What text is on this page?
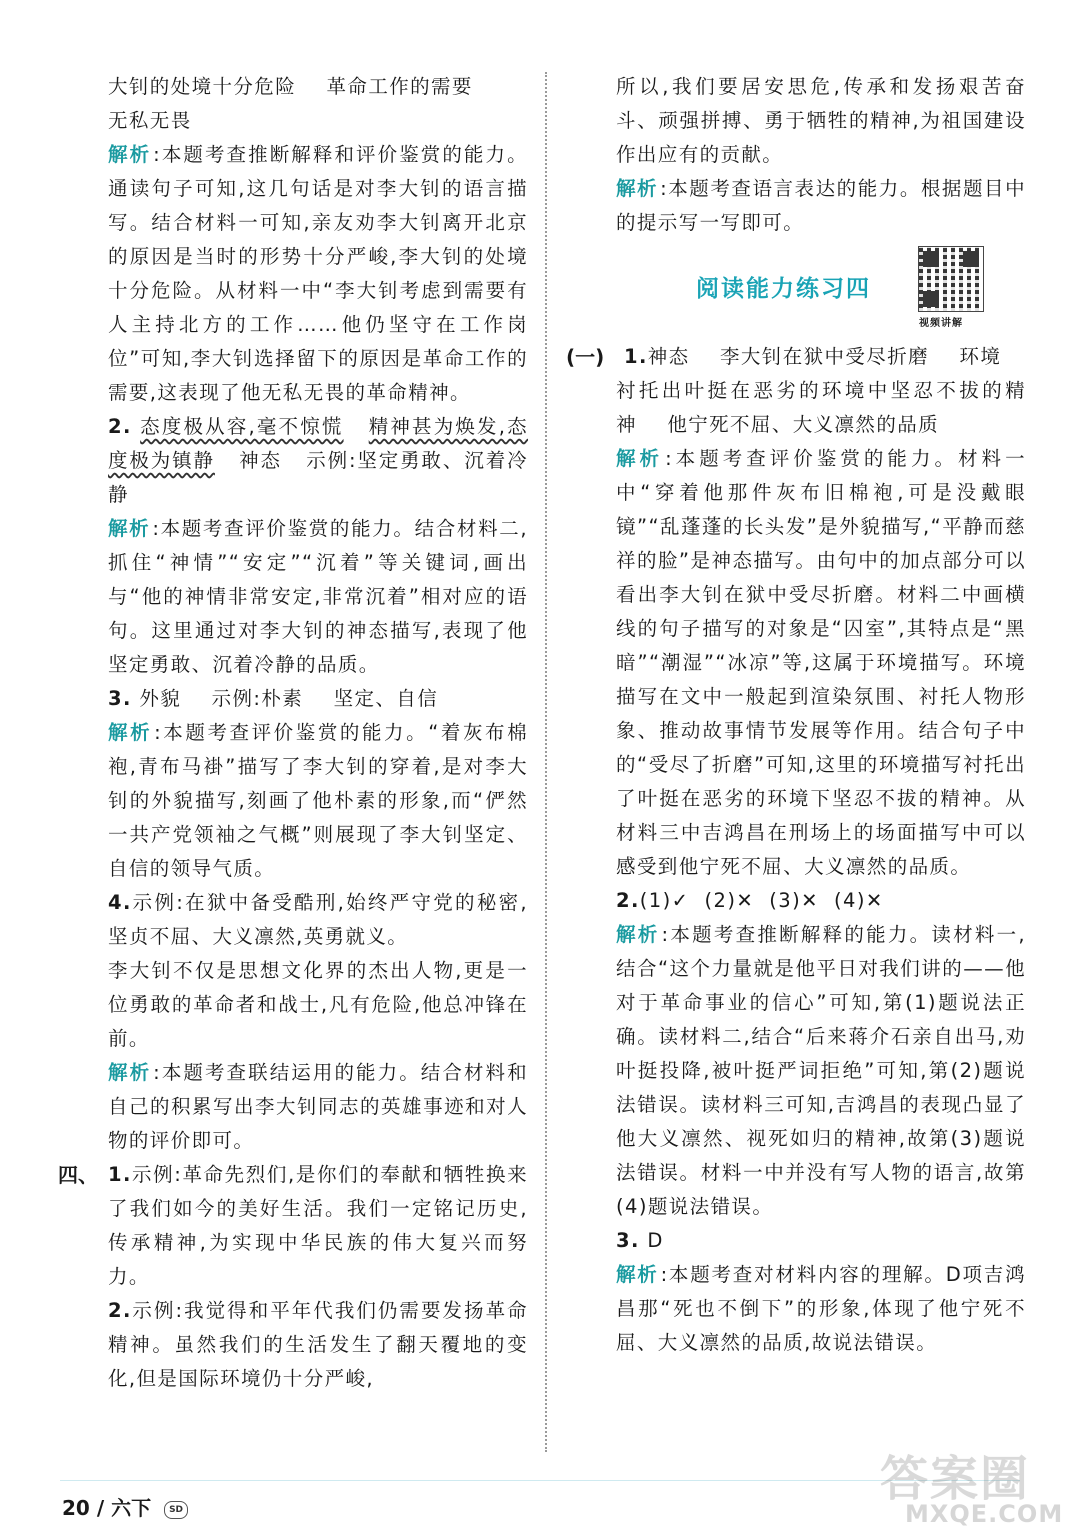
大钊的处境十分危险 革命工作的需要

无私无畏

解析 :本题考查推断解释和评价鉴赏的能力。通读句子可知,这几句话是对李大钊的语言描写。结合材料一可知,亲友劝李大钊离开北京的原因是当时的形势十分严峻,李大钊的处境十分危险。从材料一中“李大钊考虑到需要有人主持北方的工作……他仍坚守在工作岗位”可知,李大钊选择留下的原因是革命工作的需要,这表现了他无私无畏的革命精神。

2. 态度极从容,毫不惊慌 精神甚为焕发,态度极为镇静 神态 示例:坚定勇敢、沉着冷静

解析 :本题考查评价鉴赏的能力。结合材料二,抓住“神情”“安定”“沉着”等关键词,画出与“他的神情非常安定,非常沉着”相对应的语句。这里通过对李大钊的神态描写,表现了他坚定勇敢、沉着冷静的品质。

3. 外貌 示例:朴素 坚定、自信

解析 :本题考查评价鉴赏的能力。“着灰布棉袍,青布马褂”描写了李大钊的穿着,是对李大钊的外貌描写,刻画了他朴素的形象,而“俨然一共产党领袖之气概”则展现了李大钊坚定、自信的领导气质。

4.示例:在狱中备受酷刑,始终严守党的秘密,坚贞不屈、大义凛然,英勇就义。

李大钊不仅是思想文化界的杰出人物,更是一位勇敢的革命者和战士,凡有危险,他总冲锋在前。

解析 :本题考查联结运用的能力。结合材料和自己的积累写出李大钊同志的英雄事迹和对人物的评价即可。

四、 1.示例:革命先烈们,是你们的奉献和牺牲换来了我们如今的美好生活。我们一定铭记历史,传承精神,为实现中华民族的伟大复兴而努力。

2.示例:我觉得和平年代我们仍需要发扬革命精神。虽然我们的生活发生了翻天覆地的变化,但是国际环境仍十分严峻,

所以,我们要居安思危,传承和发扬艰苦奋斗、顽强拼搏、勇于牺牲的精神,为祖国建设作出应有的贡献。

解析 :本题考查语言表达的能力。根据题目中的提示写一写即可。

阅读能力练习四
视频讲解
(一)	1.神态 李大钊在狱中受尽折磨 环境

衬托出叶挺在恶劣的环境中坚忍不拔的精神 他宁死不屈、大义凛然的品质

解析 :本题考查评价鉴赏的能力。材料一中“穿着他那件灰布旧棉袍,可是没戴眼镜”“乱蓬蓬的长头发”是外貌描写,“平静而慈祥的脸”是神态描写。由句中的加点部分可以看出李大钊在狱中受尽折磨。材料二中画横线的句子描写的对象是“囚室”,其特点是“黑暗”“潮湿”“冰凉”等,这属于环境描写。环境描写在文中一般起到渲染氛围、衬托人物形象、推动故事情节发展等作用。结合句子中的“受尽了折磨”可知,这里的环境描写衬托出了叶挺在恶劣的环境下坚忍不拔的精神。从材料三中吉鸿昌在刑场上的场面描写中可以感受到他宁死不屈、大义凛然的品质。

2.(1)✓  (2)✕  (3)✕  (4)✕

解析 :本题考查推断解释的能力。读材料一,结合“这个力量就是他平日对我们讲的——他对于革命事业的信心”可知,第(1)题说法正确。读材料二,结合“后来蒋介石亲自出马,劝叶挺投降,被叶挺严词拒绝”可知,第(2)题说法错误。读材料三可知,吉鸿昌的表现凸显了他大义凛然、视死如归的精神,故第(3)题说法错误。材料一中并没有写人物的语言,故第(4)题说法错误。

3. D

解析 :本题考查对材料内容的理解。D项吉鸿昌那“死也不倒下”的形象,体现了他宁死不屈、大义凛然的品质,故说法错误。

20 / 六下 SD
答案圈
MXQE.COM
